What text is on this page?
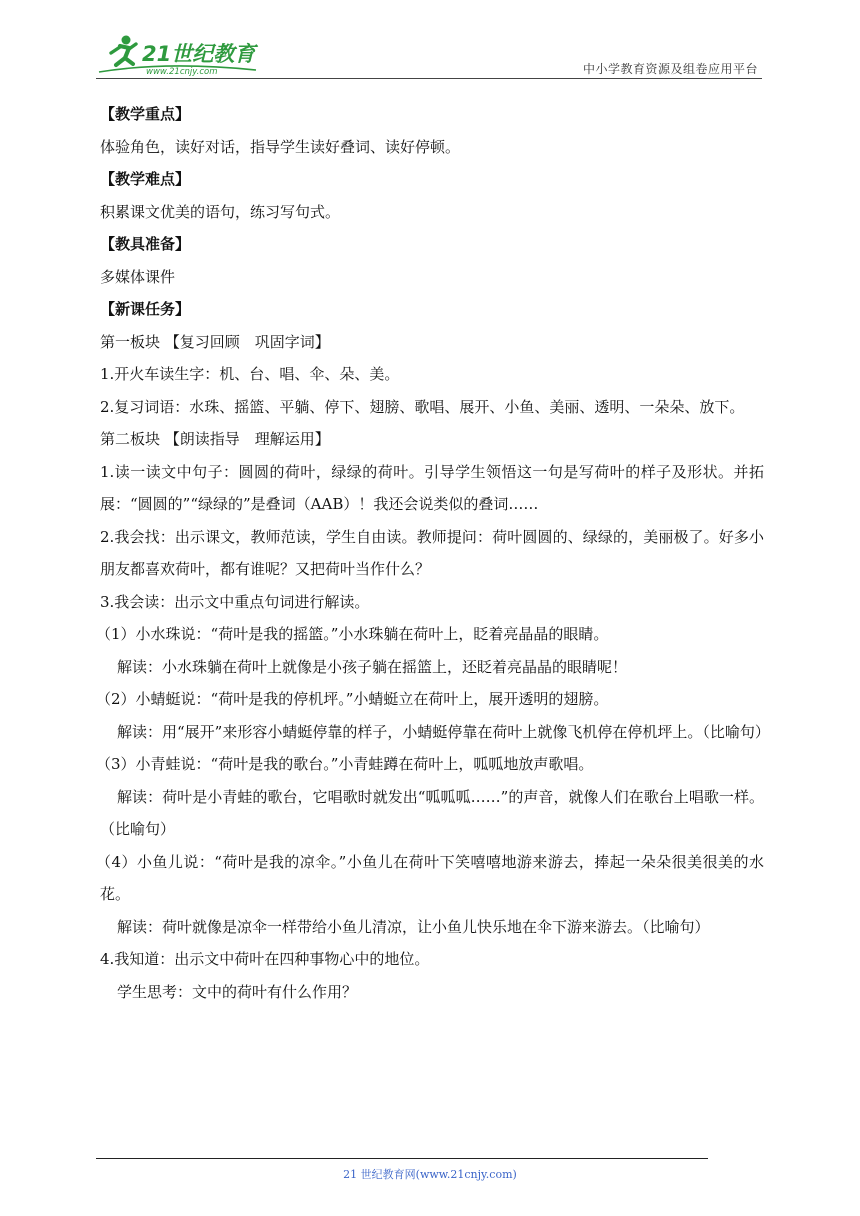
21世纪教育
www.21cnjy.com	中小学教育资源及组卷应用平台

【教学重点】

体验角色，读好对话，指导学生读好叠词、读好停顿。

【教学难点】

积累课文优美的语句，练习写句式。

【教具准备】

多媒体课件

【新课任务】

第一板块 【复习回顾　巩固字词】

1.开火车读生字：机、台、唱、伞、朵、美。

2.复习词语：水珠、摇篮、平躺、停下、翅膀、歌唱、展开、小鱼、美丽、透明、一朵朵、放下。

第二板块 【朗读指导　理解运用】

1.读一读文中句子：圆圆的荷叶，绿绿的荷叶。引导学生领悟这一句是写荷叶的样子及形状。并拓展：“圆圆的”“绿绿的”是叠词（AAB）！我还会说类似的叠词……

2.我会找：出示课文，教师范读，学生自由读。教师提问：荷叶圆圆的、绿绿的，美丽极了。好多小朋友都喜欢荷叶，都有谁呢？又把荷叶当作什么？

3.我会读：出示文中重点句词进行解读。

（1）小水珠说：“荷叶是我的摇篮。”小水珠躺在荷叶上，眨着亮晶晶的眼睛。

解读：小水珠躺在荷叶上就像是小孩子躺在摇篮上，还眨着亮晶晶的眼睛呢！

（2）小蜻蜓说：“荷叶是我的停机坪。”小蜻蜓立在荷叶上，展开透明的翅膀。

解读：用“展开”来形容小蜻蜓停靠的样子，小蜻蜓停靠在荷叶上就像飞机停在停机坪上。（比喻句）

（3）小青蛙说：“荷叶是我的歌台。”小青蛙蹲在荷叶上，呱呱地放声歌唱。

解读：荷叶是小青蛙的歌台，它唱歌时就发出“呱呱呱……”的声音，就像人们在歌台上唱歌一样。（比喻句）

（4）小鱼儿说：“荷叶是我的凉伞。”小鱼儿在荷叶下笑嘻嘻地游来游去，捧起一朵朵很美很美的水花。

解读：荷叶就像是凉伞一样带给小鱼儿清凉，让小鱼儿快乐地在伞下游来游去。（比喻句）

4.我知道：出示文中荷叶在四种事物心中的地位。

学生思考：文中的荷叶有什么作用？

21 世纪教育网(www.21cnjy.com)
